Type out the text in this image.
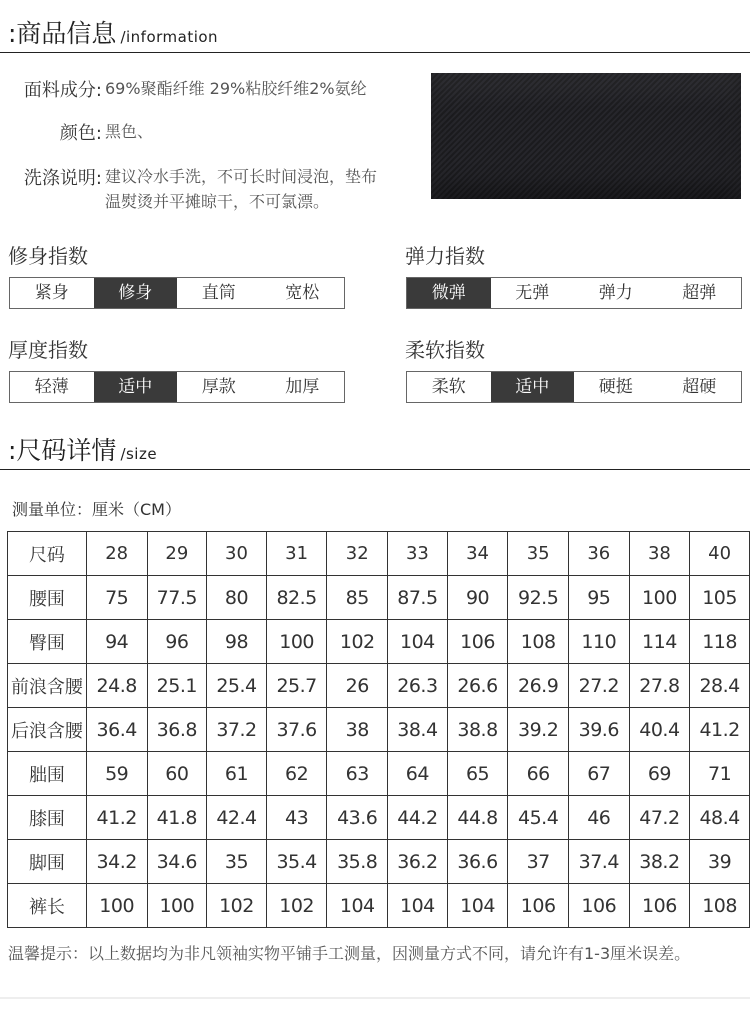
:商品信息 /information
面料成分: 69%聚酯纤维 29%粘胶纤维2%氨纶
颜色: 黑色、
洗涤说明: 建议冷水手洗，不可长时间浸泡，垫布
温熨烫并平摊晾干，不可氯漂。
修身指数
紧身	修身	直筒	宽松
弹力指数
微弹	无弹	弹力	超弹
厚度指数
轻薄	适中	厚款	加厚
柔软指数
柔软	适中	硬挺	超硬
:尺码详情 /size
测量单位：厘米（CM）
尺码	28	29	30	31	32	33	34	35	36	38	40
腰围	75	77.5	80	82.5	85	87.5	90	92.5	95	100	105
臀围	94	96	98	100	102	104	106	108	110	114	118
前浪含腰	24.8	25.1	25.4	25.7	26	26.3	26.6	26.9	27.2	27.8	28.4
后浪含腰	36.4	36.8	37.2	37.6	38	38.4	38.8	39.2	39.6	40.4	41.2
胐围	59	60	61	62	63	64	65	66	67	69	71
膝围	41.2	41.8	42.4	43	43.6	44.2	44.8	45.4	46	47.2	48.4
脚围	34.2	34.6	35	35.4	35.8	36.2	36.6	37	37.4	38.2	39
裤长	100	100	102	102	104	104	104	106	106	106	108
温馨提示：以上数据均为非凡领袖实物平铺手工测量，因测量方式不同，请允许有1-3厘米误差。
